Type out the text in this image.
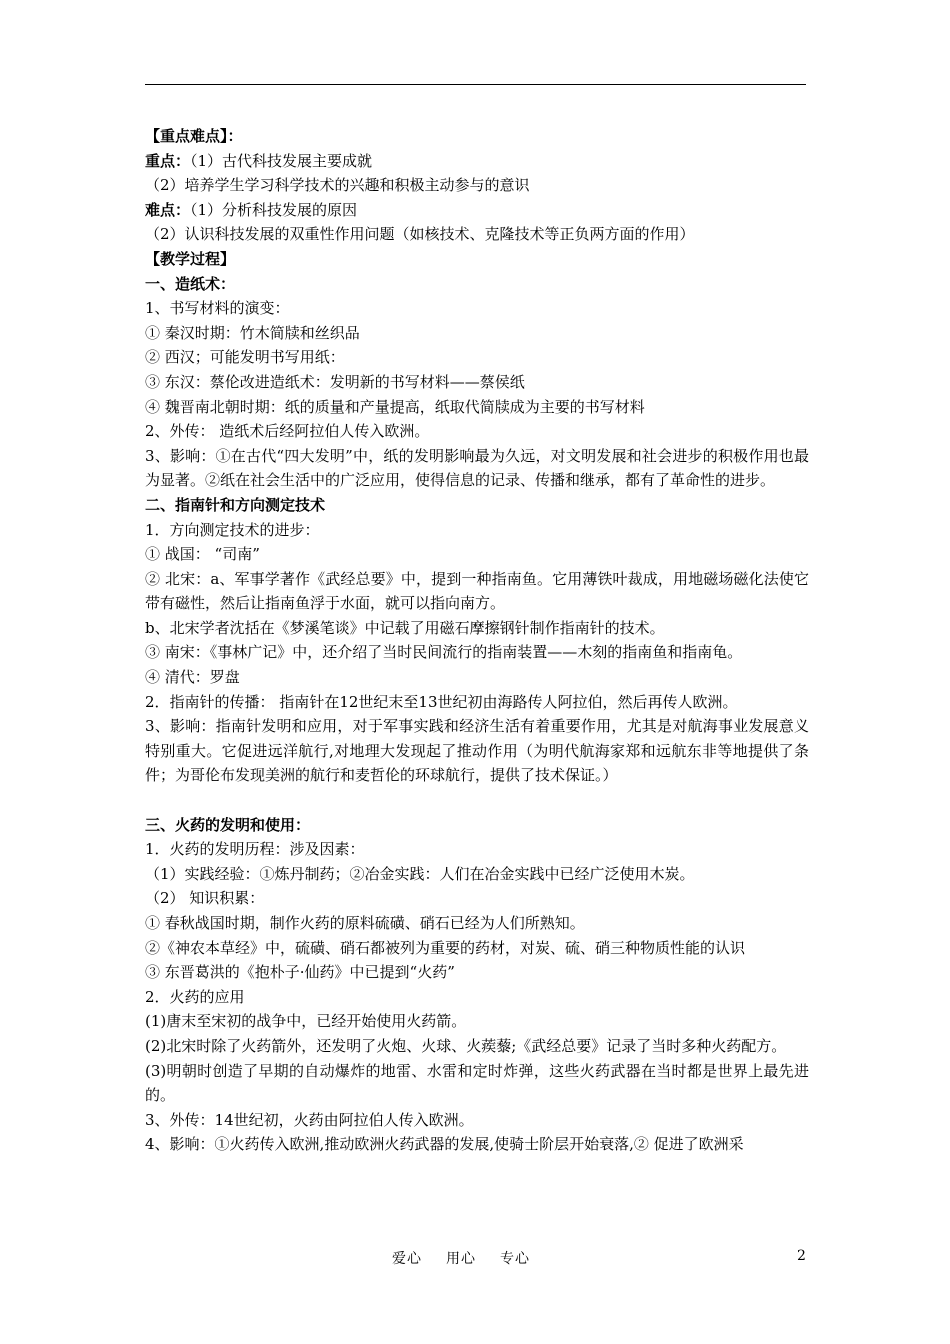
【重点难点】：
重点：（1）古代科技发展主要成就
（2）培养学生学习科学技术的兴趣和积极主动参与的意识
难点：（1）分析科技发展的原因
（2）认识科技发展的双重性作用问题（如核技术、克隆技术等正负两方面的作用）
【教学过程】
一、造纸术：
1、书写材料的演变：
① 秦汉时期：竹木简牍和丝织品
② 西汉；可能发明书写用纸：
③ 东汉：蔡伦改进造纸术：发明新的书写材料——蔡侯纸
④ 魏晋南北朝时期：纸的质量和产量提高，纸取代简牍成为主要的书写材料
2、外传： 造纸术后经阿拉伯人传入欧洲。
3、影响：①在古代“四大发明”中，纸的发明影响最为久远，对文明发展和社会进步的积极作用也最为显著。②纸在社会生活中的广泛应用，使得信息的记录、传播和继承，都有了革命性的进步。
二、指南针和方向测定技术
1．方向测定技术的进步：
① 战国： “司南”
② 北宋：a、军事学著作《武经总要》中，提到一种指南鱼。它用薄铁叶裁成，用地磁场磁化法使它带有磁性，然后让指南鱼浮于水面，就可以指向南方。
b、北宋学者沈括在《梦溪笔谈》中记载了用磁石摩擦钢针制作指南针的技术。
③ 南宋：《事林广记》中，还介绍了当时民间流行的指南装置——木刻的指南鱼和指南龟。
④ 清代：罗盘
2．指南针的传播： 指南针在12世纪末至13世纪初由海路传人阿拉伯，然后再传人欧洲。
3、影响：指南针发明和应用，对于军事实践和经济生活有着重要作用，尤其是对航海事业发展意义特别重大。它促进远洋航行,对地理大发现起了推动作用（为明代航海家郑和远航东非等地提供了条件；为哥伦布发现美洲的航行和麦哲伦的环球航行，提供了技术保证。）
三、火药的发明和使用：
1．火药的发明历程：涉及因素：
（1）实践经验：①炼丹制药；②冶金实践：人们在冶金实践中已经广泛使用木炭。
（2） 知识积累：
① 春秋战国时期，制作火药的原料硫磺、硝石已经为人们所熟知。
②《神农本草经》中，硫磺、硝石都被列为重要的药材，对炭、硫、硝三种物质性能的认识
③ 东晋葛洪的《抱朴子·仙药》中已提到“火药”
2．火药的应用
(1)唐末至宋初的战争中，已经开始使用火药箭。
(2)北宋时除了火药箭外，还发明了火炮、火球、火蒺藜;《武经总要》记录了当时多种火药配方。
(3)明朝时创造了早期的自动爆炸的地雷、水雷和定时炸弹，这些火药武器在当时都是世界上最先进的。
3、外传：14世纪初，火药由阿拉伯人传入欧洲。
4、影响：①火药传入欧洲,推动欧洲火药武器的发展,使骑士阶层开始衰落,② 促进了欧洲采
爱心 用心 专心	2
